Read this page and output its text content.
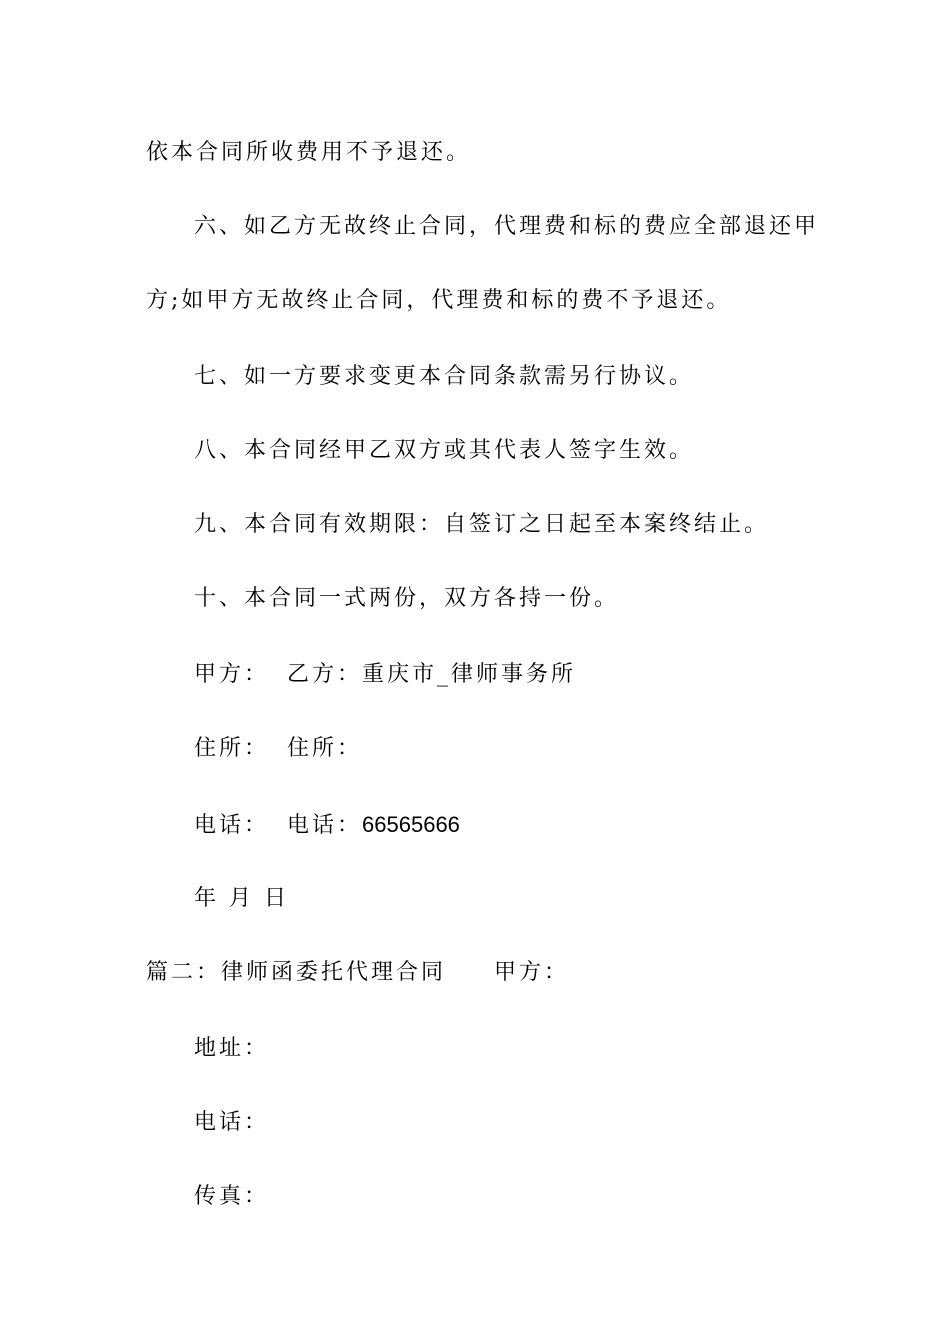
依本合同所收费用不予退还。
六、如乙方无故终止合同，代理费和标的费应全部退还甲
方;如甲方无故终止合同，代理费和标的费不予退还。
七、如一方要求变更本合同条款需另行协议。
八、本合同经甲乙双方或其代表人签字生效。
九、本合同有效期限：自签订之日起至本案终结止。
十、本合同一式两份，双方各持一份。
甲方： 乙方：重庆市_律师事务所
住所： 住所：
电话： 电话：66565666
年 月 日
篇二：律师函委托代理合同 甲方：
地址：
电话：
传真：
